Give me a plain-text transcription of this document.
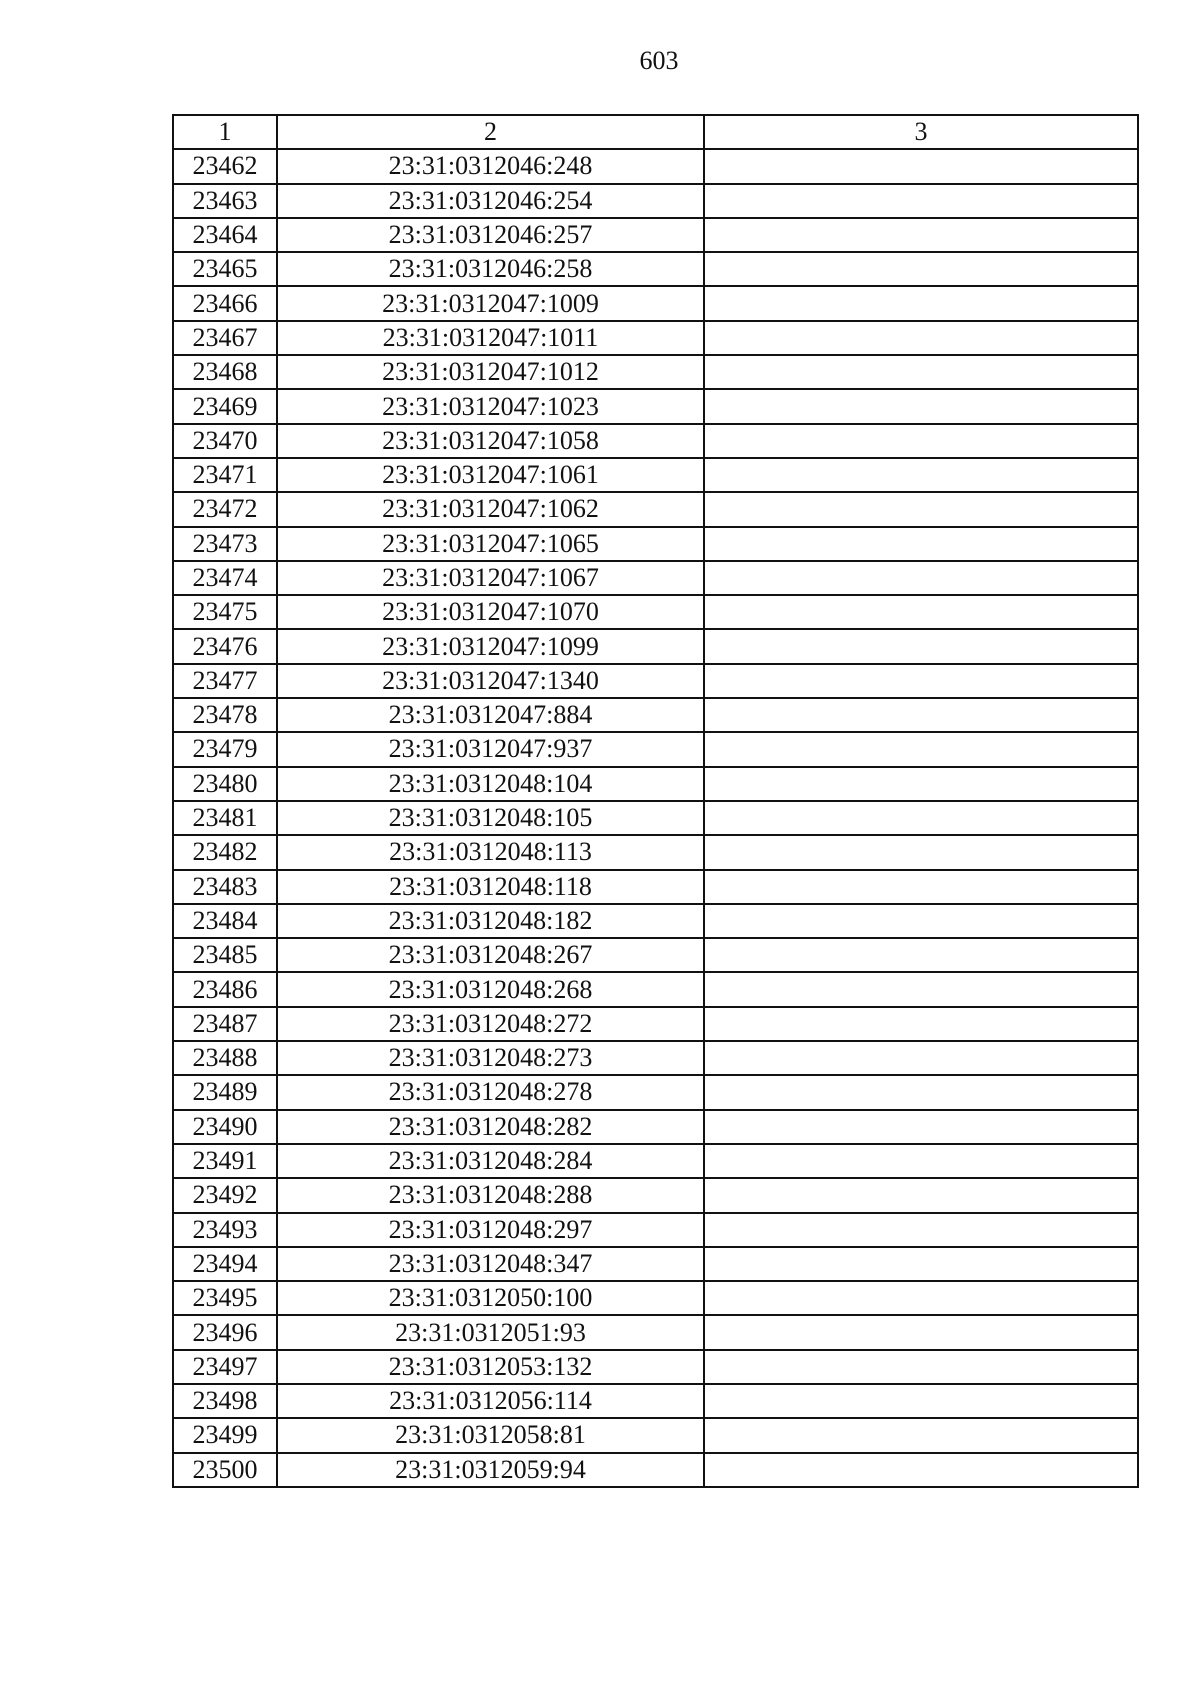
603
1	2	3
23462	23:31:0312046:248	
23463	23:31:0312046:254	
23464	23:31:0312046:257	
23465	23:31:0312046:258	
23466	23:31:0312047:1009	
23467	23:31:0312047:1011	
23468	23:31:0312047:1012	
23469	23:31:0312047:1023	
23470	23:31:0312047:1058	
23471	23:31:0312047:1061	
23472	23:31:0312047:1062	
23473	23:31:0312047:1065	
23474	23:31:0312047:1067	
23475	23:31:0312047:1070	
23476	23:31:0312047:1099	
23477	23:31:0312047:1340	
23478	23:31:0312047:884	
23479	23:31:0312047:937	
23480	23:31:0312048:104	
23481	23:31:0312048:105	
23482	23:31:0312048:113	
23483	23:31:0312048:118	
23484	23:31:0312048:182	
23485	23:31:0312048:267	
23486	23:31:0312048:268	
23487	23:31:0312048:272	
23488	23:31:0312048:273	
23489	23:31:0312048:278	
23490	23:31:0312048:282	
23491	23:31:0312048:284	
23492	23:31:0312048:288	
23493	23:31:0312048:297	
23494	23:31:0312048:347	
23495	23:31:0312050:100	
23496	23:31:0312051:93	
23497	23:31:0312053:132	
23498	23:31:0312056:114	
23499	23:31:0312058:81	
23500	23:31:0312059:94	
